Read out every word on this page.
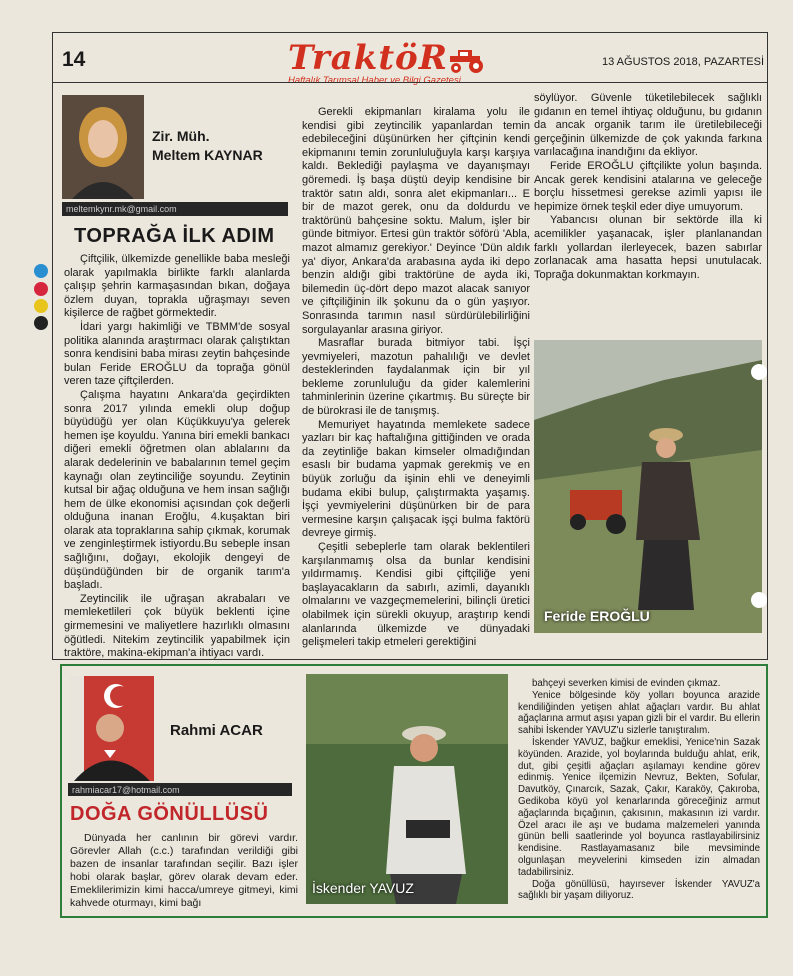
14	TraktöR
Haftalık Tarımsal Haber ve Bilgi Gazetesi
13 AĞUSTOS 2018, PAZARTESİ
Zir. Müh.
Meltem KAYNAR
meltemkynr.mk@gmail.com
TOPRAĞA İLK ADIM

Çiftçilik, ülkemizde genellikle baba mesleği olarak yapılmakla birlikte farklı alanlarda çalışıp şehrin karmaşasından bıkan, doğaya özlem duyan, toprakla uğraşmayı seven kişilerce de rağbet görmektedir.

İdari yargı hakimliği ve TBMM'de sosyal politika alanında araştırmacı olarak çalıştıktan sonra kendisini baba mirası zeytin bahçesinde bulan Feride EROĞLU da toprağa gönül veren taze çiftçilerden.

Çalışma hayatını Ankara'da geçirdikten sonra 2017 yılında emekli olup doğup büyüdüğü yer olan Küçükkuyu'ya gelerek hemen işe koyuldu. Yanına biri emekli bankacı diğeri emekli öğretmen olan ablalarını da alarak dedelerinin ve babalarının temel geçim kaynağı olan zeytinciliğe soyundu. Zeytinin kutsal bir ağaç olduğuna ve hem insan sağlığı hem de ülke ekonomisi açısından çok değerli olduğuna inanan Eroğlu, 4.kuşaktan biri olarak ata topraklarına sahip çıkmak, korumak ve zenginleştirmek istiyordu.Bu sebeple insan sağlığını, doğayı, ekolojik dengeyi de düşündüğünden bir de organik tarım'a başladı.

Zeytincilik ile uğraşan akrabaları ve memleketlileri çok büyük beklenti içine girmemesini ve maliyetlere hazırlıklı olmasını öğütledi. Nitekim zeytincilik yapabilmek için traktöre, makina-ekipman'a ihtiyacı vardı.

Gerekli ekipmanları kiralama yolu ile kendisi gibi zeytincilik yapanlardan temin edebileceğini düşünürken her çiftçinin kendi ekipmanını temin zorunluluğuyla karşı karşıya kaldı. Beklediği paylaşma ve dayanışmayı göremedi. İş başa düştü deyip kendisine bir traktör satın aldı, sonra alet ekipmanları... E bir de mazot gerek, onu da doldurdu ve traktörünü bahçesine soktu. Malum, işler bir günde bitmiyor. Ertesi gün traktör söförü 'Abla, mazot almamız gerekiyor.' Deyince 'Dün aldık ya' diyor, Ankara'da arabasına ayda iki depo benzin aldığı gibi traktörüne de ayda iki, bilemedin üç-dört depo mazot alacak sanıyor ve çiftçiliğinin ilk şokunu da o gün yaşıyor. Sonrasında tarımın nasıl sürdürülebilirliğini sorgulayanlar arasına giriyor.

Masraflar burada bitmiyor tabi. İşçi yevmiyeleri, mazotun pahalılığı ve devlet desteklerinden faydalanmak için bir yıl bekleme zorunluluğu da gider kalemlerini tahminlerinin üzerine çıkartmış. Bu süreçte bir de bürokrasi ile de tanışmış.

Memuriyet hayatında memlekete sadece yazları bir kaç haftalığına gittiğinden ve orada da zeytinliğe bakan kimseler olmadığından esaslı bir budama yapmak gerekmiş ve en büyük zorluğu da işinin ehli ve deneyimli budama ekibi bulup, çalıştırmakta yaşamış. İşçi yevmiyelerini düşünürken bir de para vermesine karşın çalışacak işçi bulma faktörü devreye girmiş.

Çeşitli sebeplerle tam olarak beklentileri karşılanmamış olsa da bunlar kendisini yıldırmamış. Kendisi gibi çiftçiliğe yeni başlayacakların da sabırlı, azimli, dayanıklı olmalarını ve vazgeçmemelerini, bilinçli üretici olabilmek için sürekli okuyup, araştırıp kendi alanlarında ülkemizde ve dünyadaki gelişmeleri takip etmeleri gerektiğini

söylüyor. Güvenle tüketilebilecek sağlıklı gıdanın en temel ihtiyaç olduğunu, bu gıdanın da ancak organik tarım ile üretilebileceği gerçeğinin ülkemizde de çok yakında farkına varılacağına inandığını da ekliyor.

Feride EROĞLU çiftçilikte yolun başında. Ancak gerek kendisini atalarına ve geleceğe borçlu hissetmesi gerekse azimli yapısı ile hepimize örnek teşkil eder diye umuyorum.

Yabancısı olunan bir sektörde illa ki acemilikler yaşanacak, işler planlanandan farklı yollardan ilerleyecek, bazen sabırlar zorlanacak ama hasatta hepsi unutulacak. Toprağa dokunmaktan korkmayın.

Feride EROĞLU
Rahmi ACAR
rahmiacar17@hotmail.com
DOĞA GÖNÜLLÜSÜ

Dünyada her canlının bir görevi vardır. Görevler Allah (c.c.) tarafından verildiği gibi bazen de insanlar tarafından seçilir. Bazı işler hobi olarak başlar, görev olarak devam eder. Emeklilerimizin kimi hacca/umreye gitmeyi, kimi kahvede oturmayı, kimi bağı

İskender YAVUZ

bahçeyi severken kimisi de evinden çıkmaz.

Yenice bölgesinde köy yolları boyunca arazide kendiliğinden yetişen ahlat ağaçları vardır. Bu ahlat ağaçlarına armut aşısı yapan gizli bir el vardır. Bu ellerin sahibi İskender YAVUZ'u sizlerle tanıştıralım.

İskender YAVUZ, bağkur emeklisi, Yenice'nin Sazak köyünden. Arazide, yol boylarında bulduğu ahlat, erik, dut, gibi çeşitli ağaçları aşılamayı kendine görev edinmiş. Yenice ilçemizin Nevruz, Bekten, Sofular, Davutköy, Çınarcık, Sazak, Çakır, Karaköy, Çakıroba, Gedikoba köyü yol kenarlarında göreceğiniz armut ağaçlarında bıçağının, çakısının, makasının izi vardır. Özel aracı ile aşı ve budama malzemeleri yanında günün belli saatlerinde yol boyunca rastlayabilirsiniz kendisine. Rastlayamasanız bile mevsiminde olgunlaşan meyvelerini kimseden izin almadan tadabilirsiniz.

Doğa gönüllüsü, hayırsever İskender YAVUZ'a sağlıklı bir yaşam diliyoruz.
